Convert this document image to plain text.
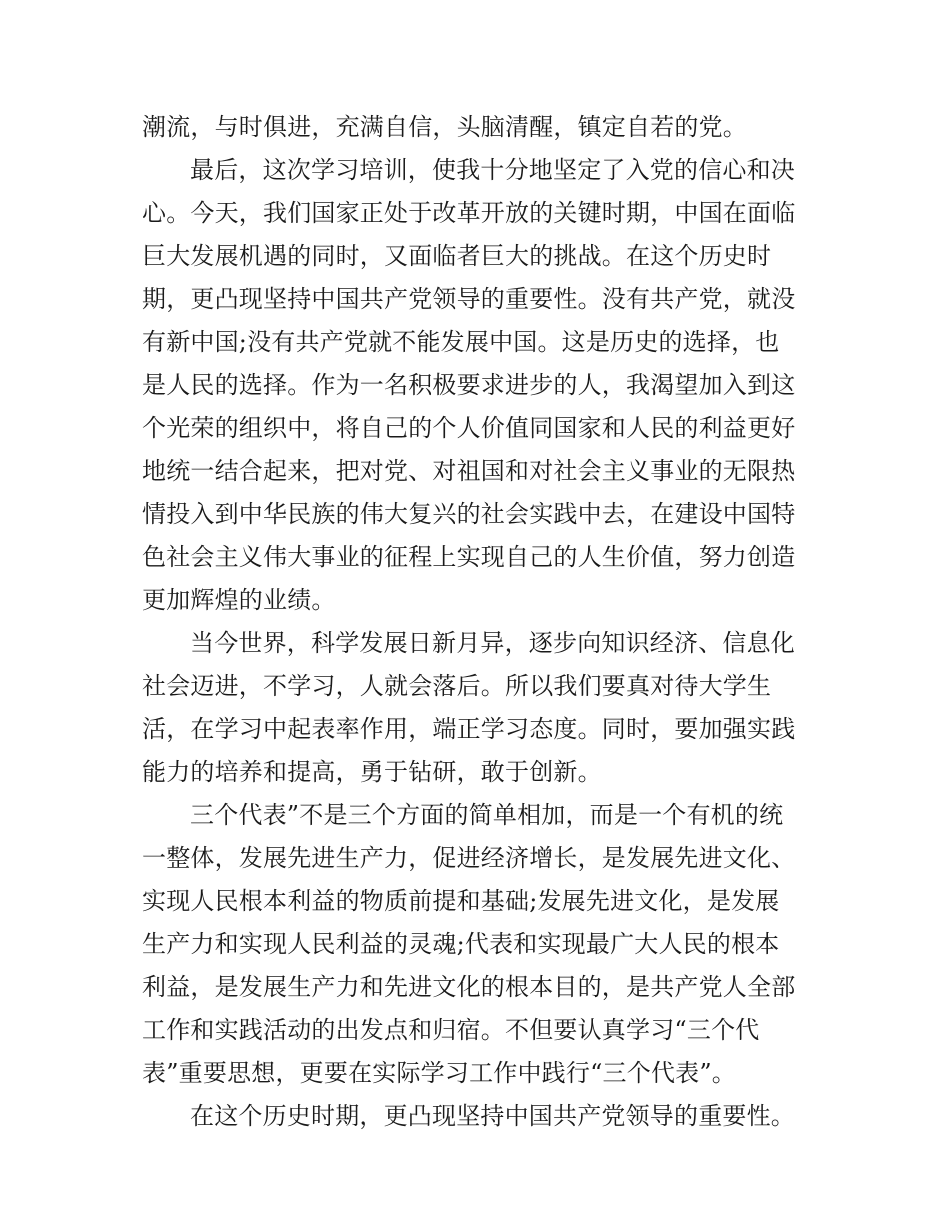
潮流，与时俱进，充满自信，头脑清醒，镇定自若的党。
最后，这次学习培训，使我十分地坚定了入党的信心和决
心。今天，我们国家正处于改革开放的关键时期，中国在面临
巨大发展机遇的同时，又面临者巨大的挑战。在这个历史时
期，更凸现坚持中国共产党领导的重要性。没有共产党，就没
有新中国;没有共产党就不能发展中国。这是历史的选择，也
是人民的选择。作为一名积极要求进步的人，我渴望加入到这
个光荣的组织中，将自己的个人价值同国家和人民的利益更好
地统一结合起来，把对党、对祖国和对社会主义事业的无限热
情投入到中华民族的伟大复兴的社会实践中去，在建设中国特
色社会主义伟大事业的征程上实现自己的人生价值，努力创造
更加辉煌的业绩。
当今世界，科学发展日新月异，逐步向知识经济、信息化
社会迈进，不学习，人就会落后。所以我们要真对待大学生
活，在学习中起表率作用，端正学习态度。同时，要加强实践
能力的培养和提高，勇于钻研，敢于创新。
三个代表”不是三个方面的简单相加，而是一个有机的统
一整体，发展先进生产力，促进经济增长，是发展先进文化、
实现人民根本利益的物质前提和基础;发展先进文化，是发展
生产力和实现人民利益的灵魂;代表和实现最广大人民的根本
利益，是发展生产力和先进文化的根本目的，是共产党人全部
工作和实践活动的出发点和归宿。不但要认真学习“三个代
表”重要思想，更要在实际学习工作中践行“三个代表”。
在这个历史时期，更凸现坚持中国共产党领导的重要性。
